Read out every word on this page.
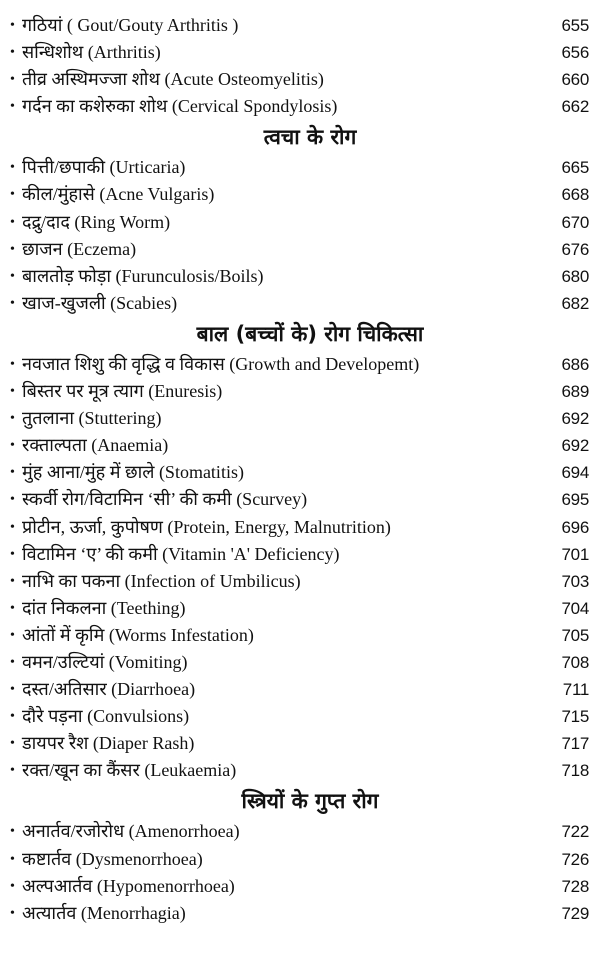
• गठियां ( Gout/Gouty Arthritis )	655
• सन्धिशोथ (Arthritis)	656
• तीव्र अस्थिमज्जा शोथ (Acute Osteomyelitis)	660
• गर्दन का कशेरुका शोथ (Cervical Spondylosis)	662
त्वचा के रोग
• पित्ती/छपाकी (Urticaria)	665
• कील/मुंहासे (Acne Vulgaris)	668
• दद्रु/दाद (Ring Worm)	670
• छाजन (Eczema)	676
• बालतोड़ फोड़ा (Furunculosis/Boils)	680
• खाज-खुजली (Scabies)	682
बाल (बच्चों के) रोग चिकित्सा
• नवजात शिशु की वृद्धि व विकास (Growth and Developemt)	686
• बिस्तर पर मूत्र त्याग (Enuresis)	689
• तुतलाना (Stuttering)	692
• रक्ताल्पता (Anaemia)	692
• मुंह आना/मुंह में छाले (Stomatitis)	694
• स्कर्वी रोग/विटामिन ‘सी’ की कमी (Scurvey)	695
• प्रोटीन, ऊर्जा, कुपोषण (Protein, Energy, Malnutrition)	696
• विटामिन ‘ए’ की कमी (Vitamin 'A' Deficiency)	701
• नाभि का पकना (Infection of Umbilicus)	703
• दांत निकलना (Teething)	704
• आंतों में कृमि (Worms Infestation)	705
• वमन/उल्टियां (Vomiting)	708
• दस्त/अतिसार (Diarrhoea)	711
• दौरे पड़ना (Convulsions)	715
• डायपर रैश (Diaper Rash)	717
• रक्त/खून का कैंसर (Leukaemia)	718
स्त्रियों के गुप्त रोग
• अनार्तव/रजोरोध (Amenorrhoea)	722
• कष्टार्तव (Dysmenorrhoea)	726
• अल्पआर्तव (Hypomenorrhoea)	728
• अत्यार्तव (Menorrhagia)	729
